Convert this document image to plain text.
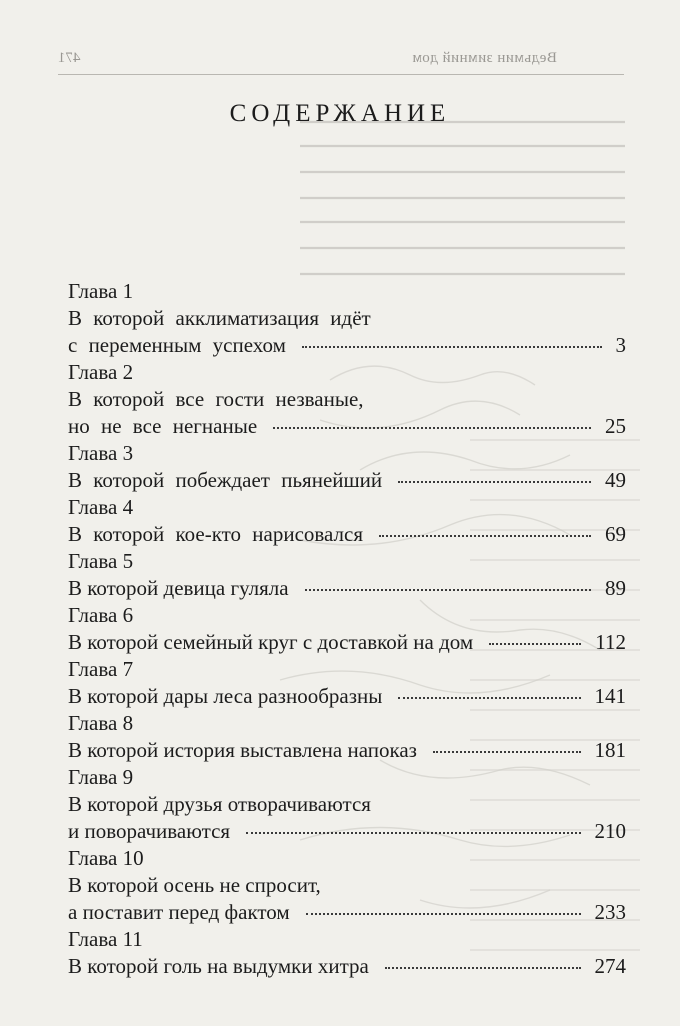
471	Ведьмин зимний дом
СОДЕРЖАНИЕ
Глава 1
В которой акклиматизация идёт
с переменным успехом	3
Глава 2
В которой все гости незваные,
но не все негнаные	25
Глава 3
В которой побеждает пьянейший	49
Глава 4
В которой кое-кто нарисовался	69
Глава 5
В которой девица гуляла	89
Глава 6
В которой семейный круг с доставкой на дом	112
Глава 7
В которой дары леса разнообразны	141
Глава 8
В которой история выставлена напоказ	181
Глава 9
В которой друзья отворачиваются
и поворачиваются	210
Глава 10
В которой осень не спросит,
а поставит перед фактом	233
Глава 11
В которой голь на выдумки хитра	274
